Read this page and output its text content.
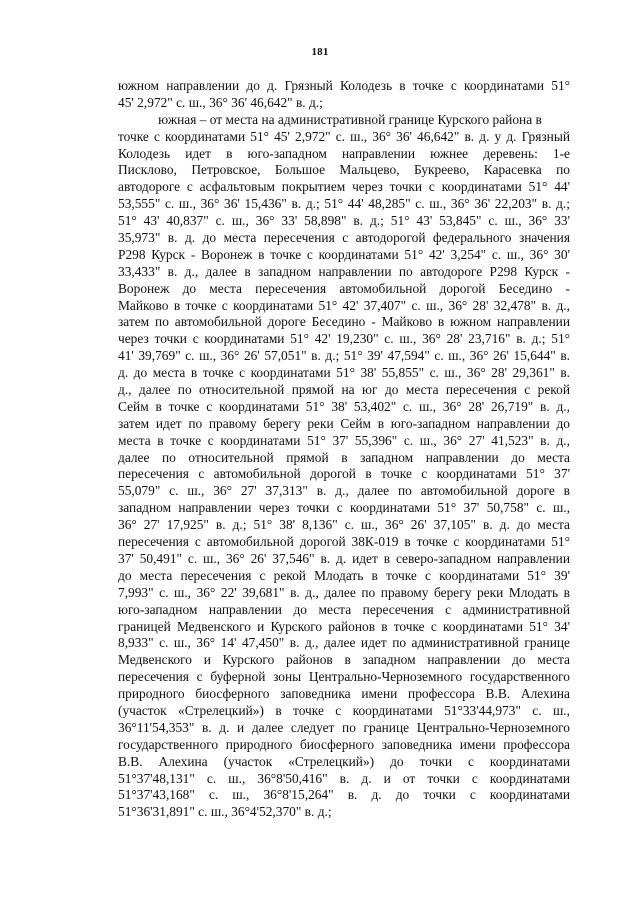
181
южном направлении до д. Грязный Колодезь в точке с координатами 51°
45' 2,972" с. ш., 36° 36' 46,642" в. д.;
южная – от места на административной границе Курского района в
точке с координатами 51° 45' 2,972" с. ш., 36° 36' 46,642" в. д. у д. Грязный
Колодезь идет в юго-западном направлении южнее деревень: 1-е
Писклово, Петровское, Большое Мальцево, Букреево, Карасевка по
автодороге с асфальтовым покрытием через точки с координатами 51° 44'
53,555" с. ш., 36° 36' 15,436" в. д.; 51° 44' 48,285" с. ш., 36° 36' 22,203" в. д.;
51° 43' 40,837" с. ш., 36° 33' 58,898" в. д.; 51° 43' 53,845" с. ш., 36° 33'
35,973" в. д. до места пересечения с автодорогой федерального значения
Р298 Курск - Воронеж в точке с координатами 51° 42' 3,254" с. ш., 36° 30'
33,433" в. д., далее в западном направлении по автодороге Р298 Курск -
Воронеж до места пересечения автомобильной дорогой Беседино -
Майково в точке с координатами 51° 42' 37,407" с. ш., 36° 28' 32,478" в. д.,
затем по автомобильной дороге Беседино - Майково в южном направлении
через точки с координатами 51° 42' 19,230" с. ш., 36° 28' 23,716" в. д.; 51°
41' 39,769" с. ш., 36° 26' 57,051" в. д.; 51° 39' 47,594" с. ш., 36° 26' 15,644" в.
д. до места в точке с координатами 51° 38' 55,855" с. ш., 36° 28' 29,361" в.
д., далее по относительной прямой на юг до места пересечения с рекой
Сейм в точке с координатами 51° 38' 53,402" с. ш., 36° 28' 26,719" в. д.,
затем идет по правому берегу реки Сейм в юго-западном направлении до
места в точке с координатами 51° 37' 55,396" с. ш., 36° 27' 41,523" в. д.,
далее по относительной прямой в западном направлении до места
пересечения с автомобильной дорогой в точке с координатами 51° 37'
55,079" с. ш., 36° 27' 37,313" в. д., далее по автомобильной дороге в
западном направлении через точки с координатами 51° 37' 50,758" с. ш.,
36° 27' 17,925" в. д.; 51° 38' 8,136" с. ш., 36° 26' 37,105" в. д. до места
пересечения с автомобильной дорогой 38К-019 в точке с координатами 51°
37' 50,491" с. ш., 36° 26' 37,546" в. д. идет в северо-западном направлении
до места пересечения с рекой Млодать в точке с координатами 51° 39'
7,993" с. ш., 36° 22' 39,681" в. д., далее по правому берегу реки Млодать в
юго-западном направлении до места пересечения с административной
границей Медвенского и Курского районов в точке с координатами 51° 34'
8,933" с. ш., 36° 14' 47,450" в. д., далее идет по административной границе
Медвенского и Курского районов в западном направлении до места
пересечения с буферной зоны Центрально-Черноземного государственного
природного биосферного заповедника имени профессора В.В. Алехина
(участок «Стрелецкий») в точке с координатами 51°33'44,973" с. ш.,
36°11'54,353" в. д. и далее следует по границе Центрально-Черноземного
государственного природного биосферного заповедника имени профессора
В.В. Алехина (участок «Стрелецкий») до точки с координатами
51°37'48,131" с. ш., 36°8'50,416" в. д. и от точки с координатами
51°37'43,168" с. ш., 36°8'15,264" в. д. до точки с координатами
51°36'31,891" с. ш., 36°4'52,370" в. д.;
